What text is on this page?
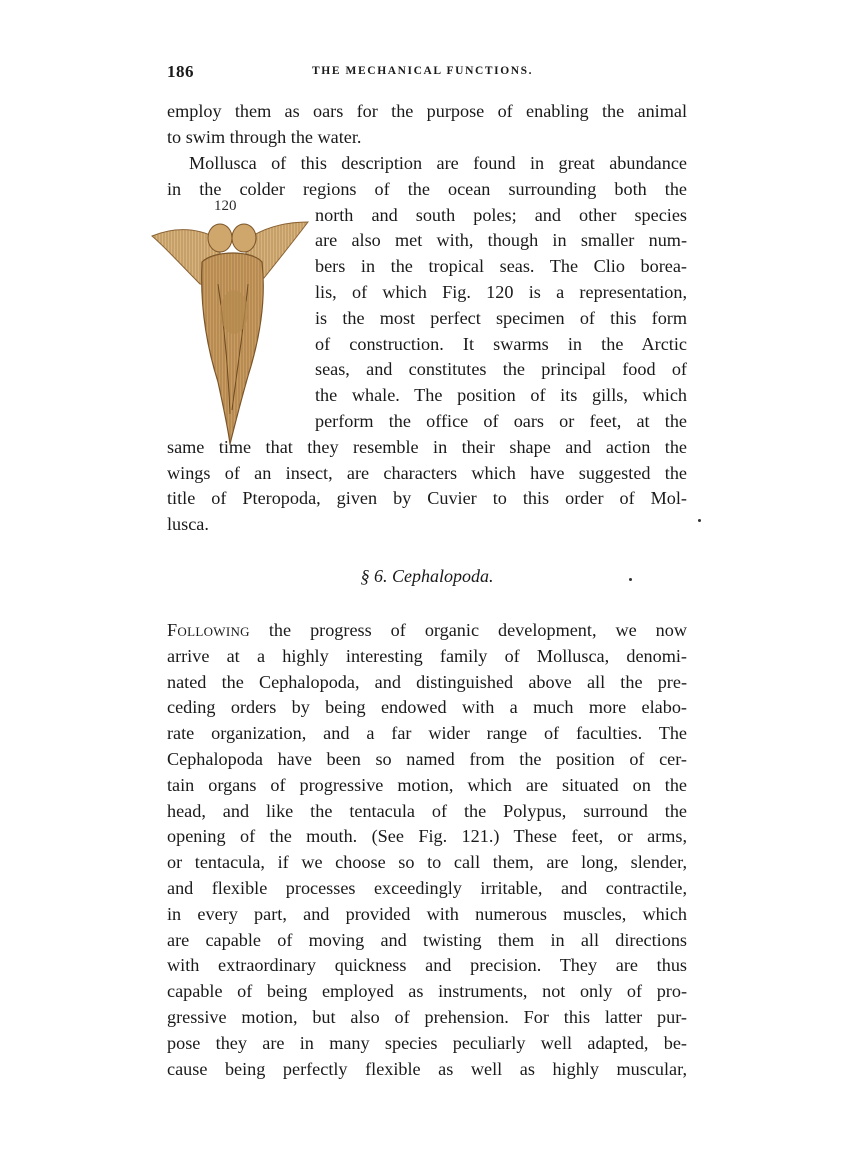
186	THE MECHANICAL FUNCTIONS.
employ them as oars for the purpose of enabling the animal
to swim through the water.
Mollusca of this description are found in great abundance
in the colder regions of the ocean surrounding both the
north and south poles; and other species
are also met with, though in smaller num-
bers in the tropical seas. The Clio borea-
lis, of which Fig. 120 is a representation,
is the most perfect specimen of this form
of construction. It swarms in the Arctic
seas, and constitutes the principal food of
the whale. The position of its gills, which
perform the office of oars or feet, at the
same time that they resemble in their shape and action the
wings of an insect, are characters which have suggested the
title of Pteropoda, given by Cuvier to this order of Mol-
lusca.
120
§ 6. Cephalopoda.
Following the progress of organic development, we now
arrive at a highly interesting family of Mollusca, denomi-
nated the Cephalopoda, and distinguished above all the pre-
ceding orders by being endowed with a much more elabo-
rate organization, and a far wider range of faculties. The
Cephalopoda have been so named from the position of cer-
tain organs of progressive motion, which are situated on the
head, and like the tentacula of the Polypus, surround the
opening of the mouth. (See Fig. 121.) These feet, or arms,
or tentacula, if we choose so to call them, are long, slender,
and flexible processes exceedingly irritable, and contractile,
in every part, and provided with numerous muscles, which
are capable of moving and twisting them in all directions
with extraordinary quickness and precision. They are thus
capable of being employed as instruments, not only of pro-
gressive motion, but also of prehension. For this latter pur-
pose they are in many species peculiarly well adapted, be-
cause being perfectly flexible as well as highly muscular,
